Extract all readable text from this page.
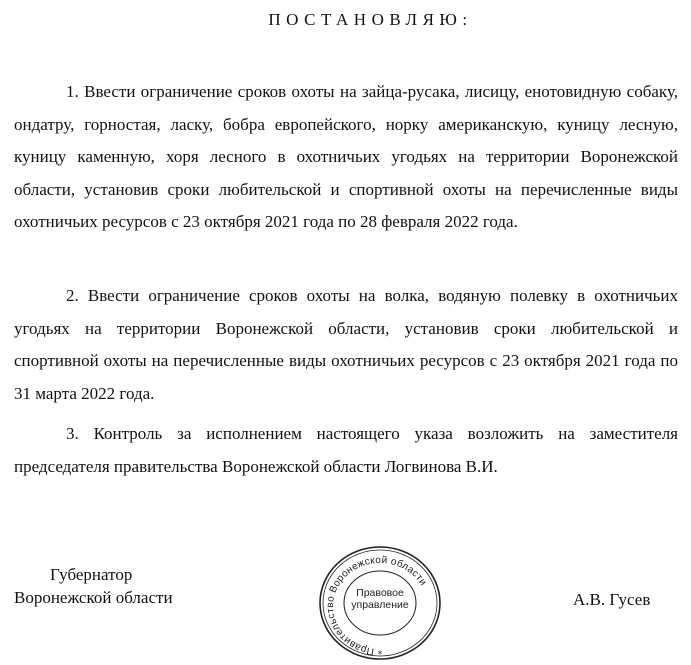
ПОСТАНОВЛЯЮ:
1. Ввести ограничение сроков охоты на зайца-русака, лисицу, енотовидную собаку, ондатру, горностая, ласку, бобра европейского, норку американскую, куницу лесную, куницу каменную, хоря лесного в охотничьих угодьях на территории Воронежской области, установив сроки любительской и спортивной охоты на перечисленные виды охотничьих ресурсов с 23 октября 2021 года по 28 февраля 2022 года.
2. Ввести ограничение сроков охоты на волка, водяную полевку в охотничьих угодьях на территории Воронежской области, установив сроки любительской и спортивной охоты на перечисленные виды охотничьих ресурсов с 23 октября 2021 года по 31 марта 2022 года.
3. Контроль за исполнением настоящего указа возложить на заместителя председателя правительства Воронежской области Логвинова В.И.
Губернатор
Воронежской области
Правительство Воронежской области
*
Правовое
управление	А.В. Гусев
